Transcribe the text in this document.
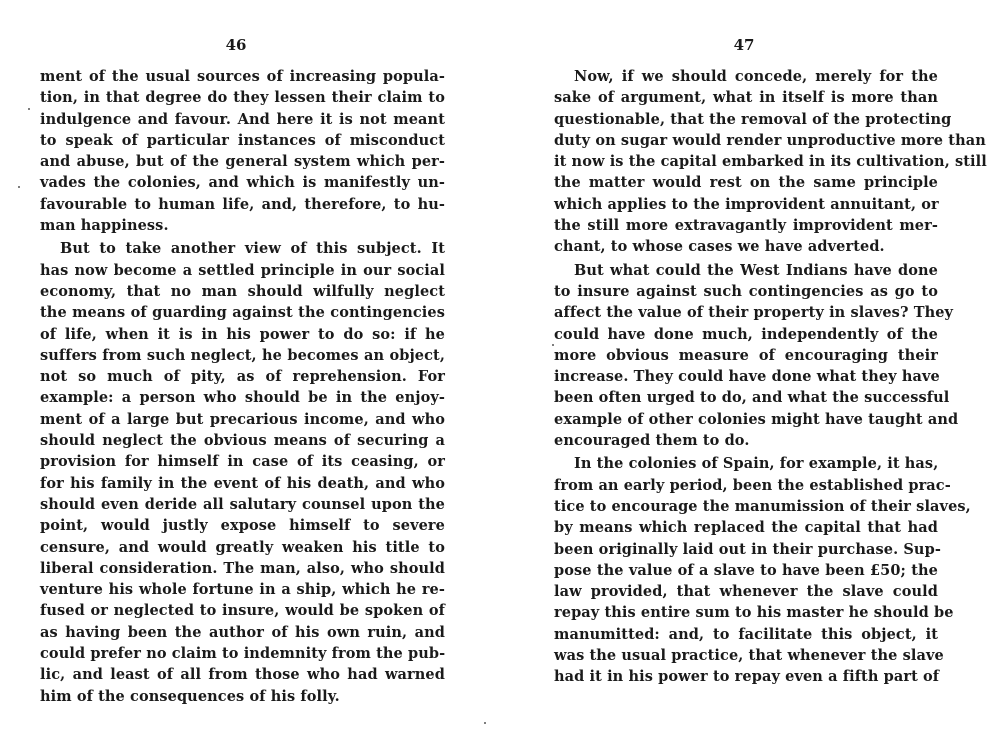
46
ment of the usual sources of increasing popula-
tion, in that degree do they lessen their claim to
indulgence and favour. And here it is not meant
to speak of particular instances of misconduct
and abuse, but of the general system which per-
vades the colonies, and which is manifestly un-
favourable to human life, and, therefore, to hu-
man happiness.
But to take another view of this subject. It
has now become a settled principle in our social
economy, that no man should wilfully neglect
the means of guarding against the contingencies
of life, when it is in his power to do so: if he
suffers from such neglect, he becomes an object,
not so much of pity, as of reprehension. For
example: a person who should be in the enjoy-
ment of a large but precarious income, and who
should neglect the obvious means of securing a
provision for himself in case of its ceasing, or
for his family in the event of his death, and who
should even deride all salutary counsel upon the
point, would justly expose himself to severe
censure, and would greatly weaken his title to
liberal consideration. The man, also, who should
venture his whole fortune in a ship, which he re-
fused or neglected to insure, would be spoken of
as having been the author of his own ruin, and
could prefer no claim to indemnity from the pub-
lic, and least of all from those who had warned
him of the consequences of his folly.
47
Now, if we should concede, merely for the
sake of argument, what in itself is more than
questionable, that the removal of the protecting
duty on sugar would render unproductive more than
it now is the capital embarked in its cultivation, still
the matter would rest on the same principle
which applies to the improvident annuitant, or
the still more extravagantly improvident mer-
chant, to whose cases we have adverted.
But what could the West Indians have done
to insure against such contingencies as go to
affect the value of their property in slaves? They
could have done much, independently of the
more obvious measure of encouraging their
increase. They could have done what they have
been often urged to do, and what the successful
example of other colonies might have taught and
encouraged them to do.
In the colonies of Spain, for example, it has,
from an early period, been the established prac-
tice to encourage the manumission of their slaves,
by means which replaced the capital that had
been originally laid out in their purchase. Sup-
pose the value of a slave to have been £50; the
law provided, that whenever the slave could
repay this entire sum to his master he should be
manumitted: and, to facilitate this object, it
was the usual practice, that whenever the slave
had it in his power to repay even a fifth part of
